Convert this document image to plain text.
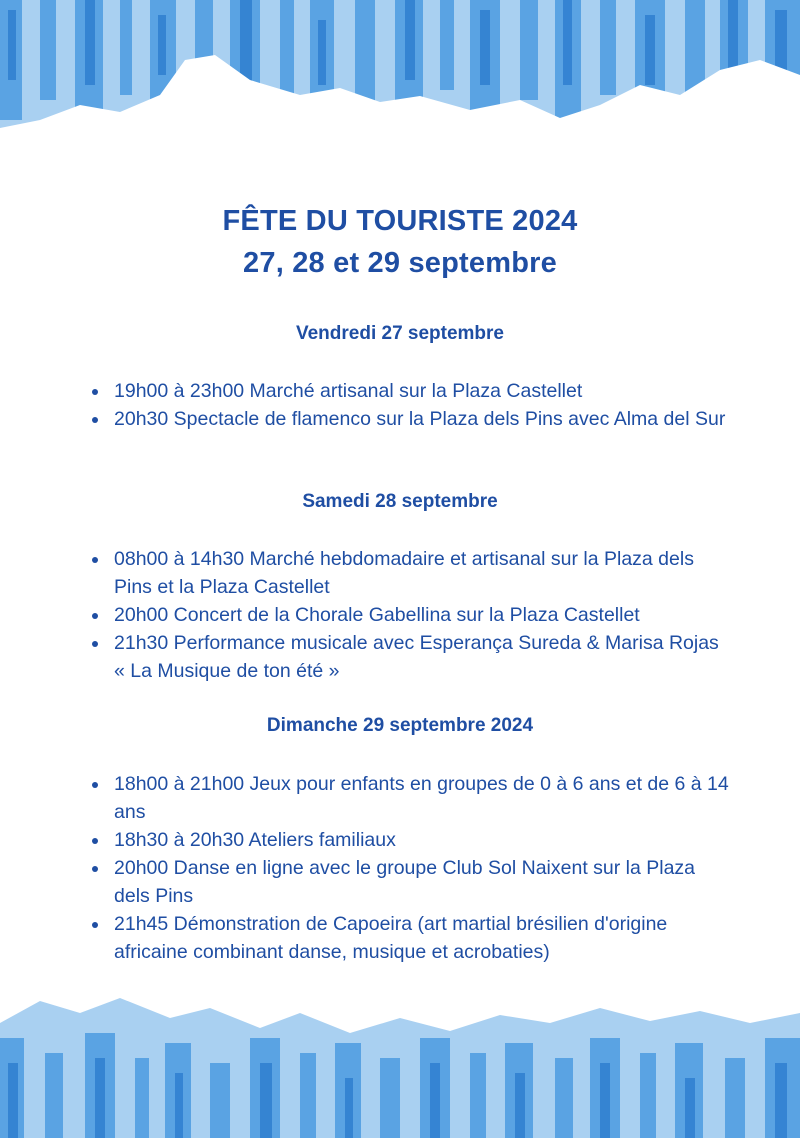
FÊTE DU TOURISTE 2024
27, 28 et 29 septembre
Vendredi 27 septembre
19h00 à 23h00 Marché artisanal sur la Plaza Castellet
20h30 Spectacle de flamenco sur la Plaza dels Pins avec Alma del Sur
Samedi 28 septembre
08h00 à 14h30 Marché hebdomadaire et artisanal sur la Plaza dels Pins et la Plaza Castellet
20h00 Concert de la Chorale Gabellina sur la Plaza Castellet
21h30 Performance musicale avec Esperança Sureda & Marisa Rojas « La Musique de ton été »
Dimanche 29 septembre 2024
18h00 à 21h00 Jeux pour enfants en groupes de 0 à 6 ans et de 6 à 14 ans
18h30 à 20h30 Ateliers familiaux
20h00 Danse en ligne avec le groupe Club Sol Naixent sur la Plaza dels Pins
21h45 Démonstration de Capoeira (art martial brésilien d'origine africaine combinant danse, musique et acrobaties)
